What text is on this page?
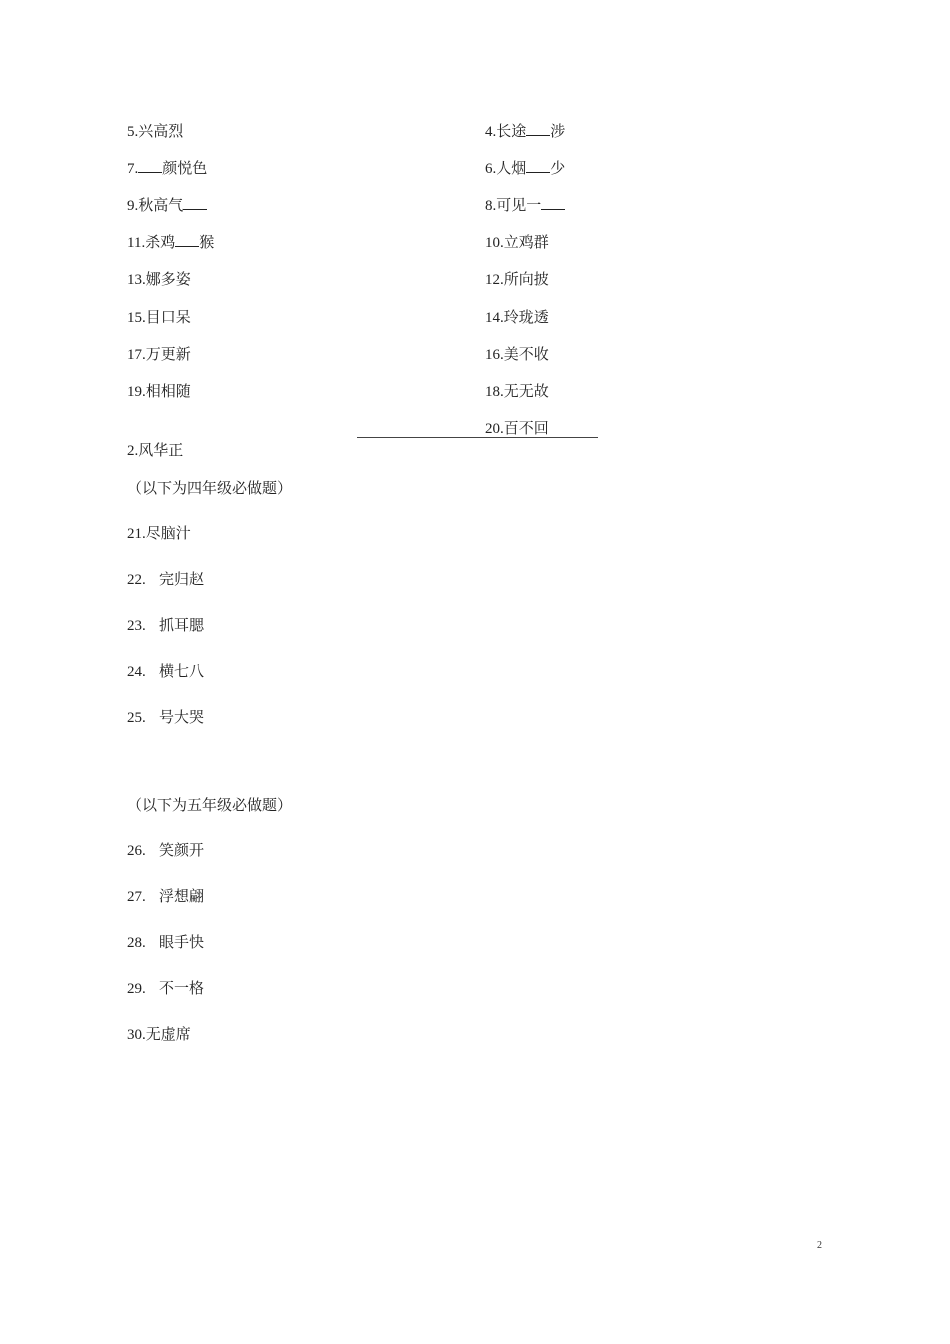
5.兴高烈
7. 颜悦色
9.秋高气
11.杀鸡 猴
13.娜多姿
15.目口呆
17.万更新
19.相相随
4.长途 涉
6.人烟 少
8.可见一
10.立鸡群
12.所向披
14.玲珑透
16.美不收
18.无无故
20.百不回
2.风华正
（以下为四年级必做题）
21.尽脑汁
22. 完归赵
23. 抓耳腮
24. 横七八
25. 号大哭
（以下为五年级必做题）
26. 笑颜开
27. 浮想翩
28. 眼手快
29. 不一格
30.无虚席
2
